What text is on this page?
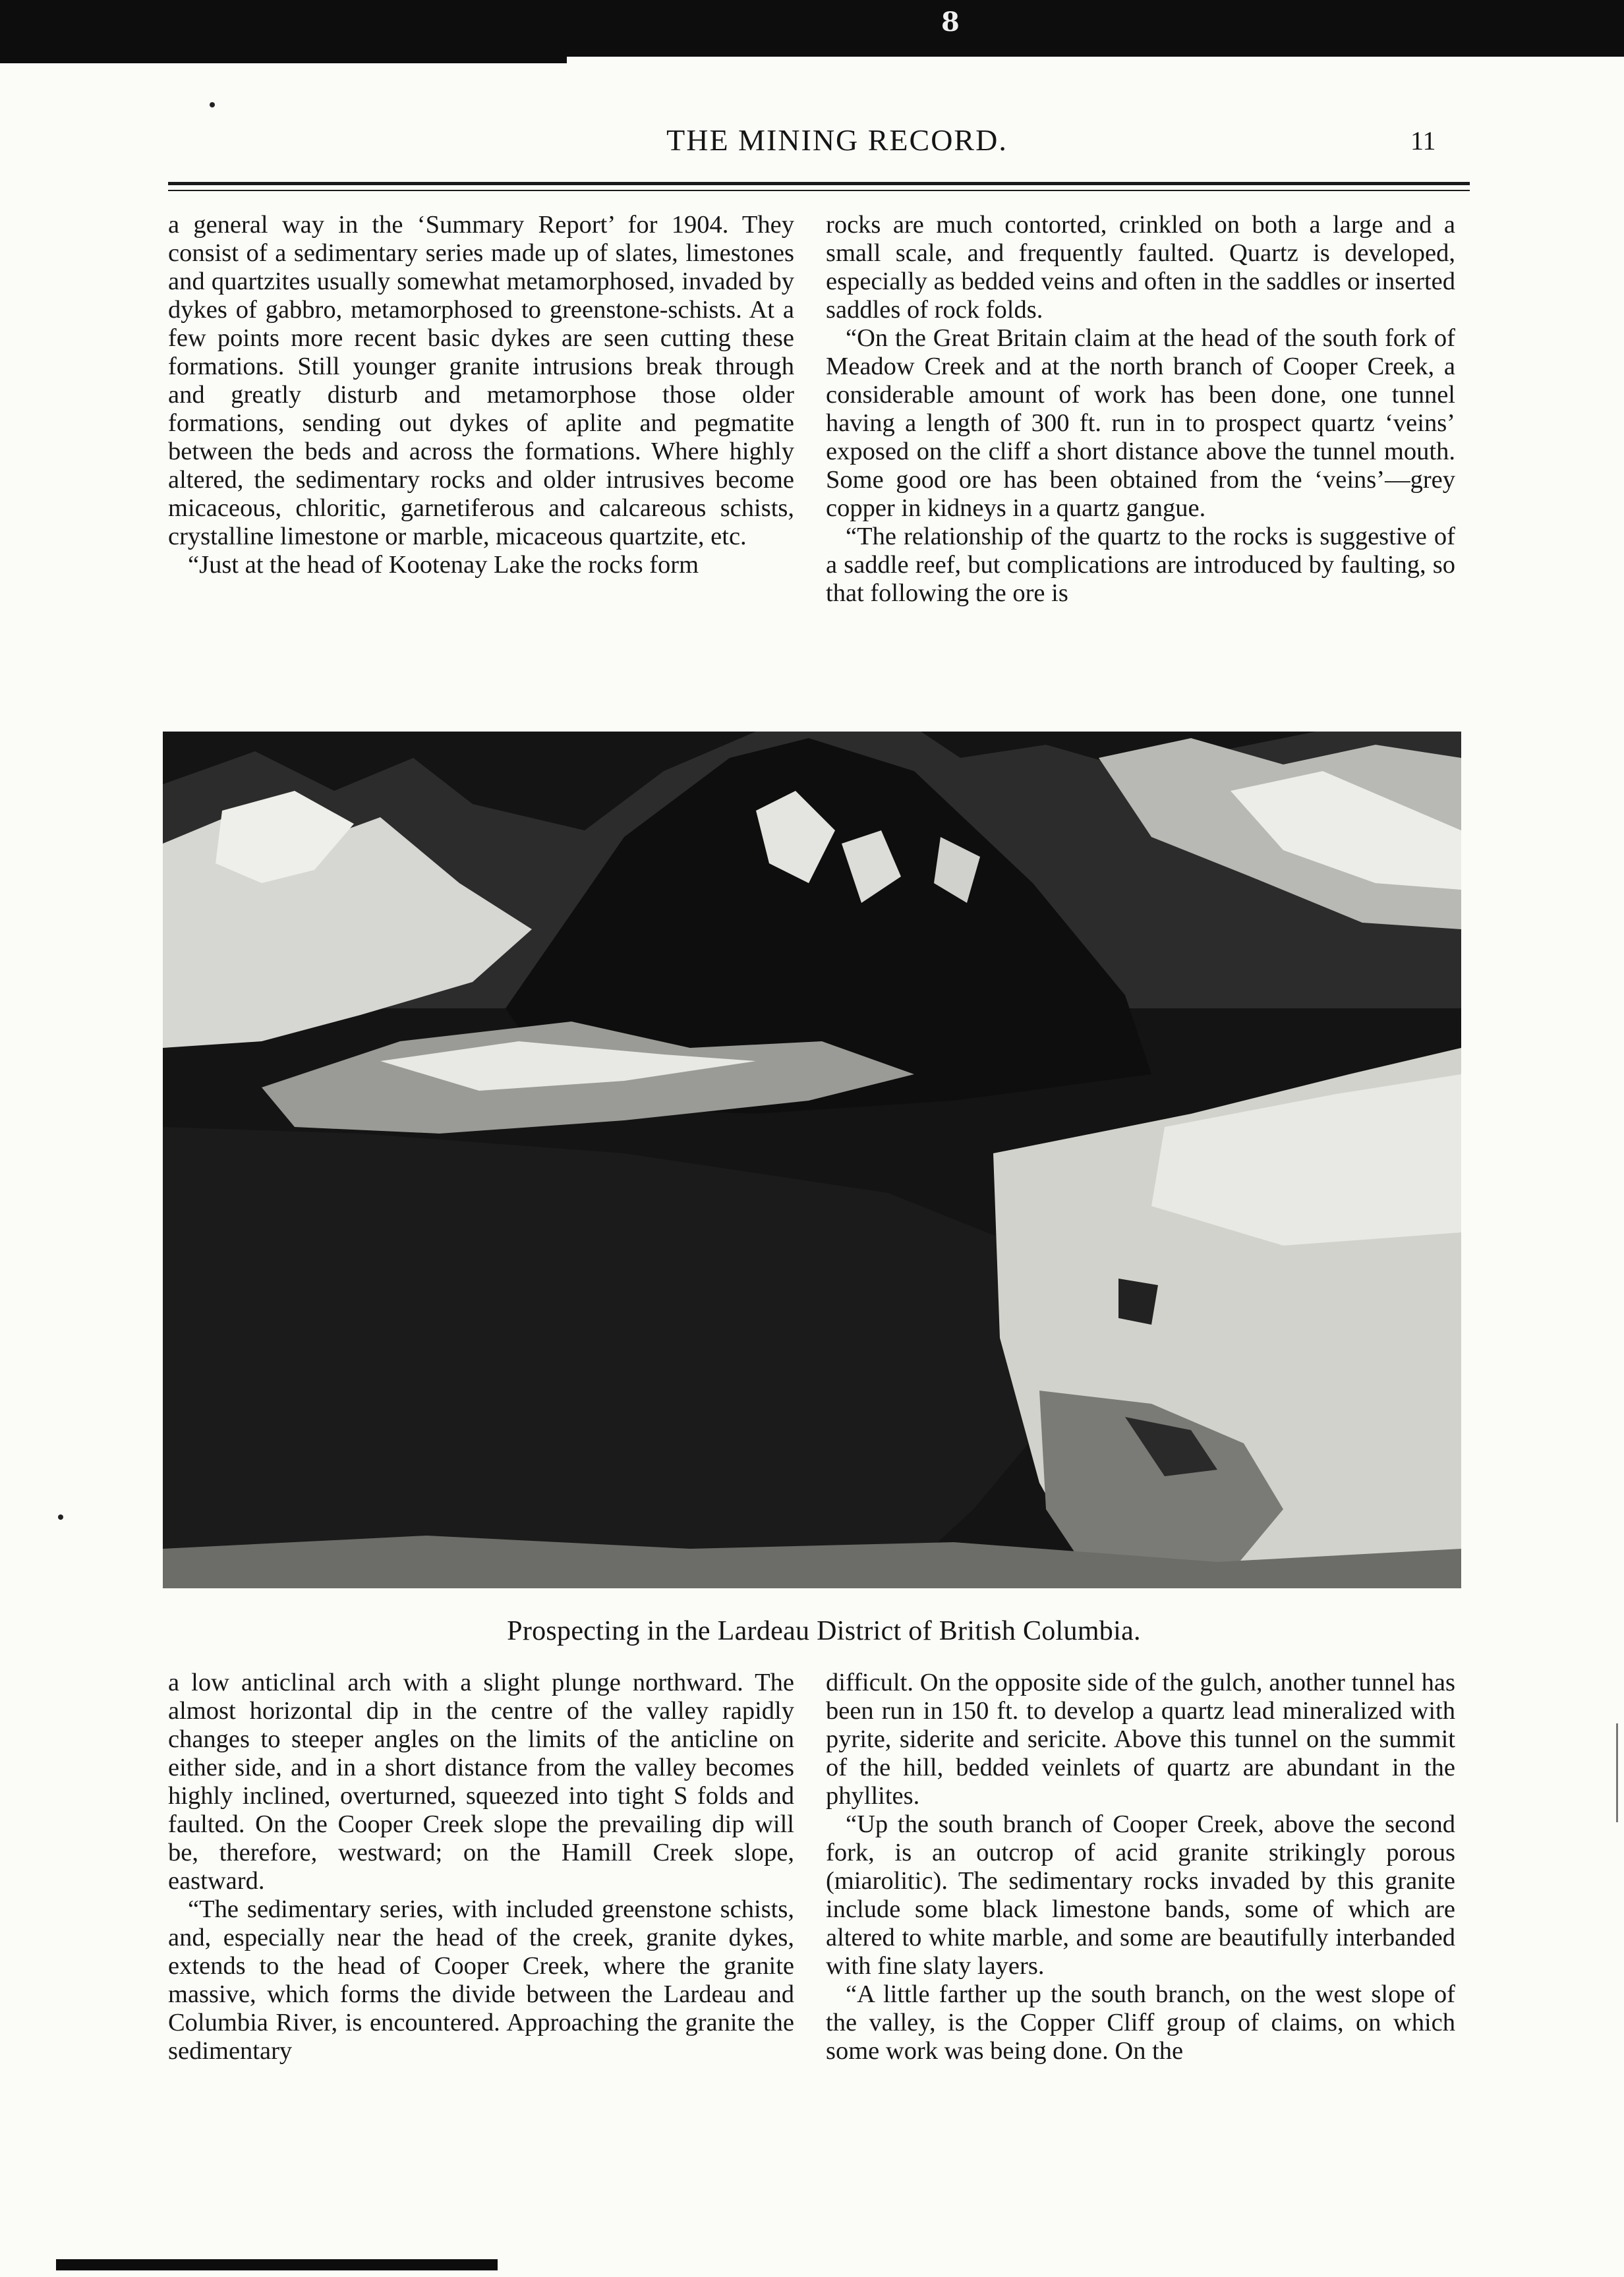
8
THE MINING RECORD.	11

a general way in the ‘Summary Report’ for 1904. They consist of a sedimentary series made up of slates, limestones and quartzites usually somewhat metamorphosed, invaded by dykes of gabbro, metamorphosed to greenstone-schists. At a few points more recent basic dykes are seen cutting these formations. Still younger granite intrusions break through and greatly disturb and metamorphose those older formations, sending out dykes of aplite and pegmatite between the beds and across the formations. Where highly altered, the sedimentary rocks and older intrusives become micaceous, chloritic, garnetiferous and calcareous schists, crystalline limestone or marble, micaceous quartzite, etc.

“Just at the head of Kootenay Lake the rocks form

rocks are much contorted, crinkled on both a large and a small scale, and frequently faulted. Quartz is developed, especially as bedded veins and often in the saddles or inserted saddles of rock folds.

“On the Great Britain claim at the head of the south fork of Meadow Creek and at the north branch of Cooper Creek, a considerable amount of work has been done, one tunnel having a length of 300 ft. run in to prospect quartz ‘veins’ exposed on the cliff a short distance above the tunnel mouth. Some good ore has been obtained from the ‘veins’—grey copper in kidneys in a quartz gangue.

“The relationship of the quartz to the rocks is suggestive of a saddle reef, but complications are introduced by faulting, so that following the ore is

Prospecting in the Lardeau District of British Columbia.

a low anticlinal arch with a slight plunge northward. The almost horizontal dip in the centre of the valley rapidly changes to steeper angles on the limits of the anticline on either side, and in a short distance from the valley becomes highly inclined, overturned, squeezed into tight S folds and faulted. On the Cooper Creek slope the prevailing dip will be, therefore, westward; on the Hamill Creek slope, eastward.

“The sedimentary series, with included greenstone schists, and, especially near the head of the creek, granite dykes, extends to the head of Cooper Creek, where the granite massive, which forms the divide between the Lardeau and Columbia River, is encountered. Approaching the granite the sedimentary

difficult. On the opposite side of the gulch, another tunnel has been run in 150 ft. to develop a quartz lead mineralized with pyrite, siderite and sericite. Above this tunnel on the summit of the hill, bedded veinlets of quartz are abundant in the phyllites.

“Up the south branch of Cooper Creek, above the second fork, is an outcrop of acid granite strikingly porous (miarolitic). The sedimentary rocks invaded by this granite include some black limestone bands, some of which are altered to white marble, and some are beautifully interbanded with fine slaty layers.

“A little farther up the south branch, on the west slope of the valley, is the Copper Cliff group of claims, on which some work was being done. On the
